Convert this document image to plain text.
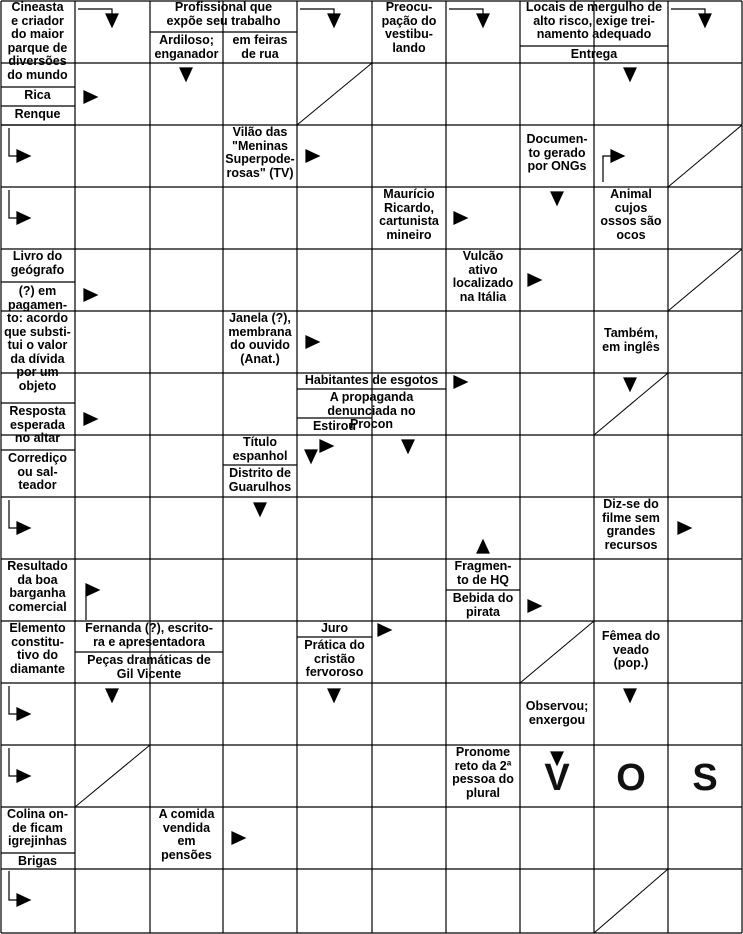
Cineasta
e criador
do maior
parque de
diversões
do mundo
Rica
Renque
Profissional que
expõe seu trabalho
Ardiloso;
enganador
em feiras
de rua
Preocu-
pação do
vestibu-
lando
Locais de mergulho de
alto risco, exige trei-
namento adequado
Entrega
Vilão das
"Meninas
Superpode-
rosas" (TV)
Documen-
to gerado
por ONGs
Maurício
Ricardo,
cartunista
mineiro
Animal
cujos
ossos são
ocos
Livro do
geógrafo
Vulcão
ativo
localizado
na Itália
(?) em
pagamen-
to: acordo
que substi-
tui o valor
da dívida
por um
objeto
Janela (?),
membrana
do ouvido
(Anat.)
Também,
em inglês
Habitantes de esgotos
A propaganda
denunciada no
Procon
Estirou
Resposta
esperada
no altar	Título
espanhol
Distrito de
Guarulhos
Corrediço
ou sal-
teador
Diz-se do
filme sem
grandes
recursos
Resultado
da boa
barganha
comercial
Fragmen-
to de HQ
Bebida do
pirata
Elemento
constitu-
tivo do
diamante
Fernanda (?), escrito-
ra e apresentadora
Peças dramáticas de
Gil Vicente
Juro
Prática do
cristão
fervoroso
Fêmea do
veado
(pop.)
Observou;
enxergou
Pronome
reto da 2ª
pessoa do
plural	V	O	S
Colina on-
de ficam
igrejinhas
A comida
vendida
em
pensões
Brigas
